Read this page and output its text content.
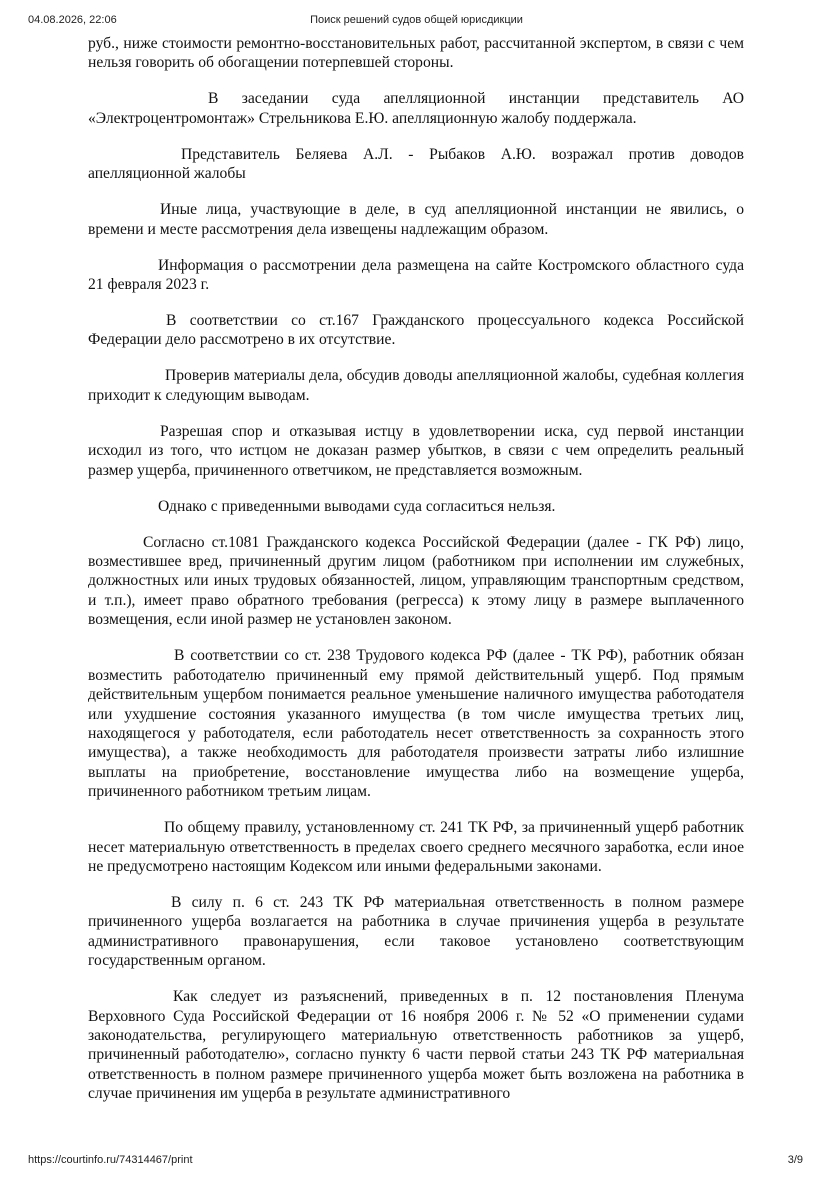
04.08.2026, 22:06	Поиск решений судов общей юрисдикции

руб., ниже стоимости ремонтно-восстановительных работ, рассчитанной экспертом, в связи с чем нельзя говорить об обогащении потерпевшей стороны.

В заседании суда апелляционной инстанции представитель АО «Электроцентромонтаж» Стрельникова Е.Ю. апелляционную жалобу поддержала.

Представитель Беляева А.Л. - Рыбаков А.Ю. возражал против доводов апелляционной жалобы

Иные лица, участвующие в деле, в суд апелляционной инстанции не явились, о времени и месте рассмотрения дела извещены надлежащим образом.

Информация о рассмотрении дела размещена на сайте Костромского областного суда 21 февраля 2023 г.

В соответствии со ст.167 Гражданского процессуального кодекса Российской Федерации дело рассмотрено в их отсутствие.

Проверив материалы дела, обсудив доводы апелляционной жалобы, судебная коллегия приходит к следующим выводам.

Разрешая спор и отказывая истцу в удовлетворении иска, суд первой инстанции исходил из того, что истцом не доказан размер убытков, в связи с чем определить реальный размер ущерба, причиненного ответчиком, не представляется возможным.

Однако с приведенными выводами суда согласиться нельзя.

Согласно ст.1081 Гражданского кодекса Российской Федерации (далее - ГК РФ) лицо, возместившее вред, причиненный другим лицом (работником при исполнении им служебных, должностных или иных трудовых обязанностей, лицом, управляющим транспортным средством, и т.п.), имеет право обратного требования (регресса) к этому лицу в размере выплаченного возмещения, если иной размер не установлен законом.

В соответствии со ст. 238 Трудового кодекса РФ (далее - ТК РФ), работник обязан возместить работодателю причиненный ему прямой действительный ущерб. Под прямым действительным ущербом понимается реальное уменьшение наличного имущества работодателя или ухудшение состояния указанного имущества (в том числе имущества третьих лиц, находящегося у работодателя, если работодатель несет ответственность за сохранность этого имущества), а также необходимость для работодателя произвести затраты либо излишние выплаты на приобретение, восстановление имущества либо на возмещение ущерба, причиненного работником третьим лицам.

По общему правилу, установленному ст. 241 ТК РФ, за причиненный ущерб работник несет материальную ответственность в пределах своего среднего месячного заработка, если иное не предусмотрено настоящим Кодексом или иными федеральными законами.

В силу п. 6 ст. 243 ТК РФ материальная ответственность в полном размере причиненного ущерба возлагается на работника в случае причинения ущерба в результате административного правонарушения, если таковое установлено соответствующим государственным органом.

Как следует из разъяснений, приведенных в п. 12 постановления Пленума Верховного Суда Российской Федерации от 16 ноября 2006 г. № 52 «О применении судами законодательства, регулирующего материальную ответственность работников за ущерб, причиненный работодателю», согласно пункту 6 части первой статьи 243 ТК РФ материальная ответственность в полном размере причиненного ущерба может быть возложена на работника в случае причинения им ущерба в результате административного

https://courtinfo.ru/74314467/print	3/9
